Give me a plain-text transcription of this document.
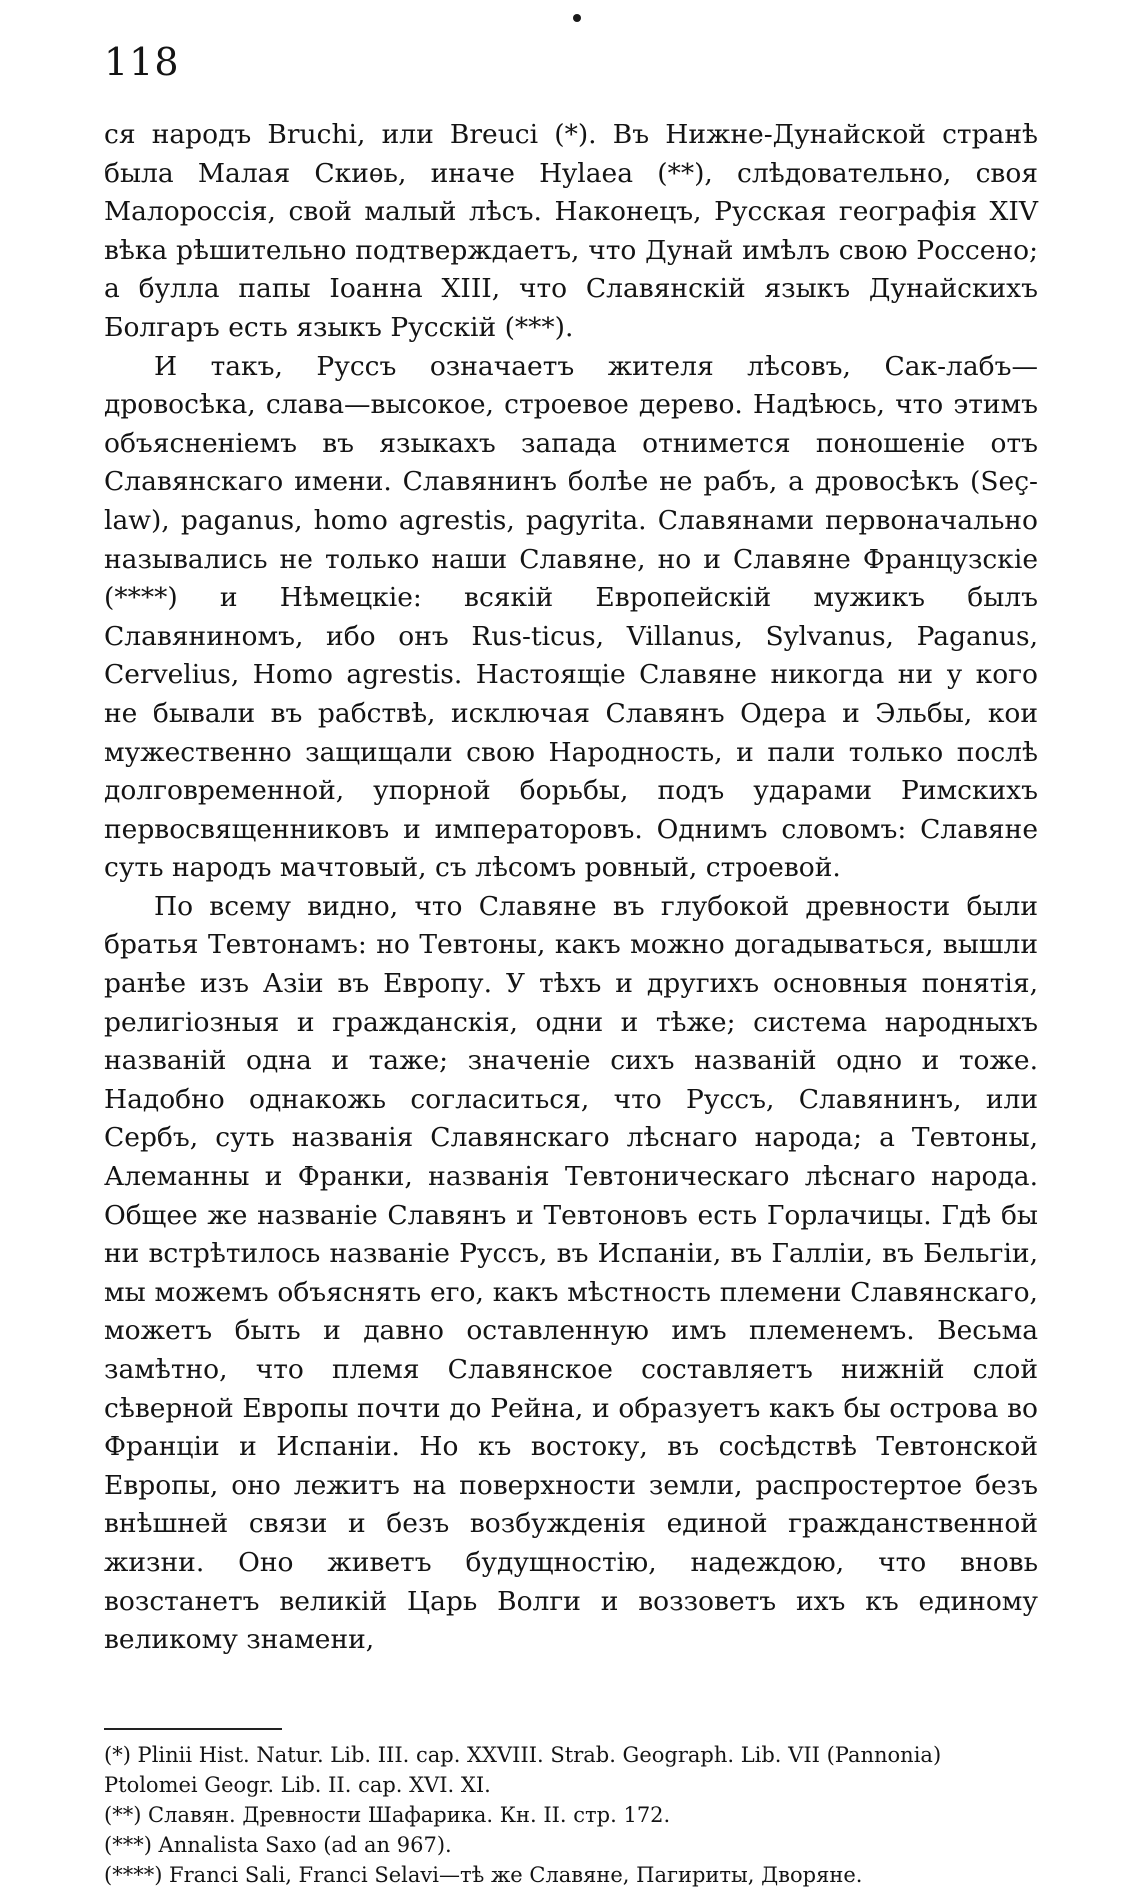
118

ся народъ Bruchi, или Breuci (*). Въ Нижне-Дунайской странѣ была Малая Скиѳь, иначе Hylaea (**), слѣдовательно, своя Малороссія, свой малый лѣсъ. Наконецъ, Русская географія XIV вѣка рѣшительно подтверждаетъ, что Дунай имѣлъ свою Россено; а булла папы Іоанна XIII, что Славянскій языкъ Дунайскихъ Болгаръ есть языкъ Русскій (***).

И такъ, Руссъ означаетъ жителя лѣсовъ, Сак-лабъ—дровосѣка, слава—высокое, строевое дерево. Надѣюсь, что этимъ объясненіемъ въ языкахъ запада отнимется поношеніе отъ Славянскаго имени. Славянинъ болѣе не рабъ, а дровосѣкъ (Seç-law), paganus, homo agrestis, pagyrita. Славянами первоначально назывались не только наши Славяне, но и Славяне Французскіе (****) и Нѣмецкіе: всякій Европейскій мужикъ былъ Славяниномъ, ибо онъ Rus-ticus, Villanus, Sylvanus, Paganus, Cervelius, Homo agrestis. Настоящіе Славяне никогда ни у кого не бывали въ рабствѣ, исключая Славянъ Одера и Эльбы, кои мужественно защищали свою Народность, и пали только послѣ долговременной, упорной борьбы, подъ ударами Римскихъ первосвященниковъ и императоровъ. Однимъ словомъ: Славяне суть народъ мачтовый, съ лѣсомъ ровный, строевой.

По всему видно, что Славяне въ глубокой древности были братья Тевтонамъ: но Тевтоны, какъ можно догадываться, вышли ранѣе изъ Азіи въ Европу. У тѣхъ и другихъ основныя понятія, религіозныя и гражданскія, одни и тѣже; система народныхъ названій одна и таже; значеніе сихъ названій одно и тоже. Надобно однакожь согласиться, что Руссъ, Славянинъ, или Сербъ, суть названія Славянскаго лѣснаго народа; а Тевтоны, Алеманны и Франки, названія Тевтоническаго лѣснаго народа. Общее же названіе Славянъ и Тевтоновъ есть Горлачицы. Гдѣ бы ни встрѣтилось названіе Руссъ, въ Испаніи, въ Галліи, въ Бельгіи, мы можемъ объяснять его, какъ мѣстность племени Славянскаго, можетъ быть и давно оставленную имъ племенемъ. Весьма замѣтно, что племя Славянское составляетъ нижній слой сѣверной Европы почти до Рейна, и образуетъ какъ бы острова во Франціи и Испаніи. Но къ востоку, въ сосѣдствѣ Тевтонской Европы, оно лежитъ на поверхности земли, распростертое безъ внѣшней связи и безъ возбужденія единой гражданственной жизни. Оно живетъ будущностію, надеждою, что вновь возстанетъ великій Царь Волги и воззоветъ ихъ къ единому великому знамени,

(*) Plinii Hist. Natur. Lib. III. cap. XXVIII. Strab. Geograph. Lib. VII (Pannonia) Ptolomei Geogr. Lib. II. cap. XVI. XI.

(**) Славян. Древности Шафарика. Кн. II. стр. 172.

(***) Annalista Saxo (ad an 967).

(****) Franci Sali, Franci Selavi—тѣ же Славяне, Пагириты, Дворяне.
